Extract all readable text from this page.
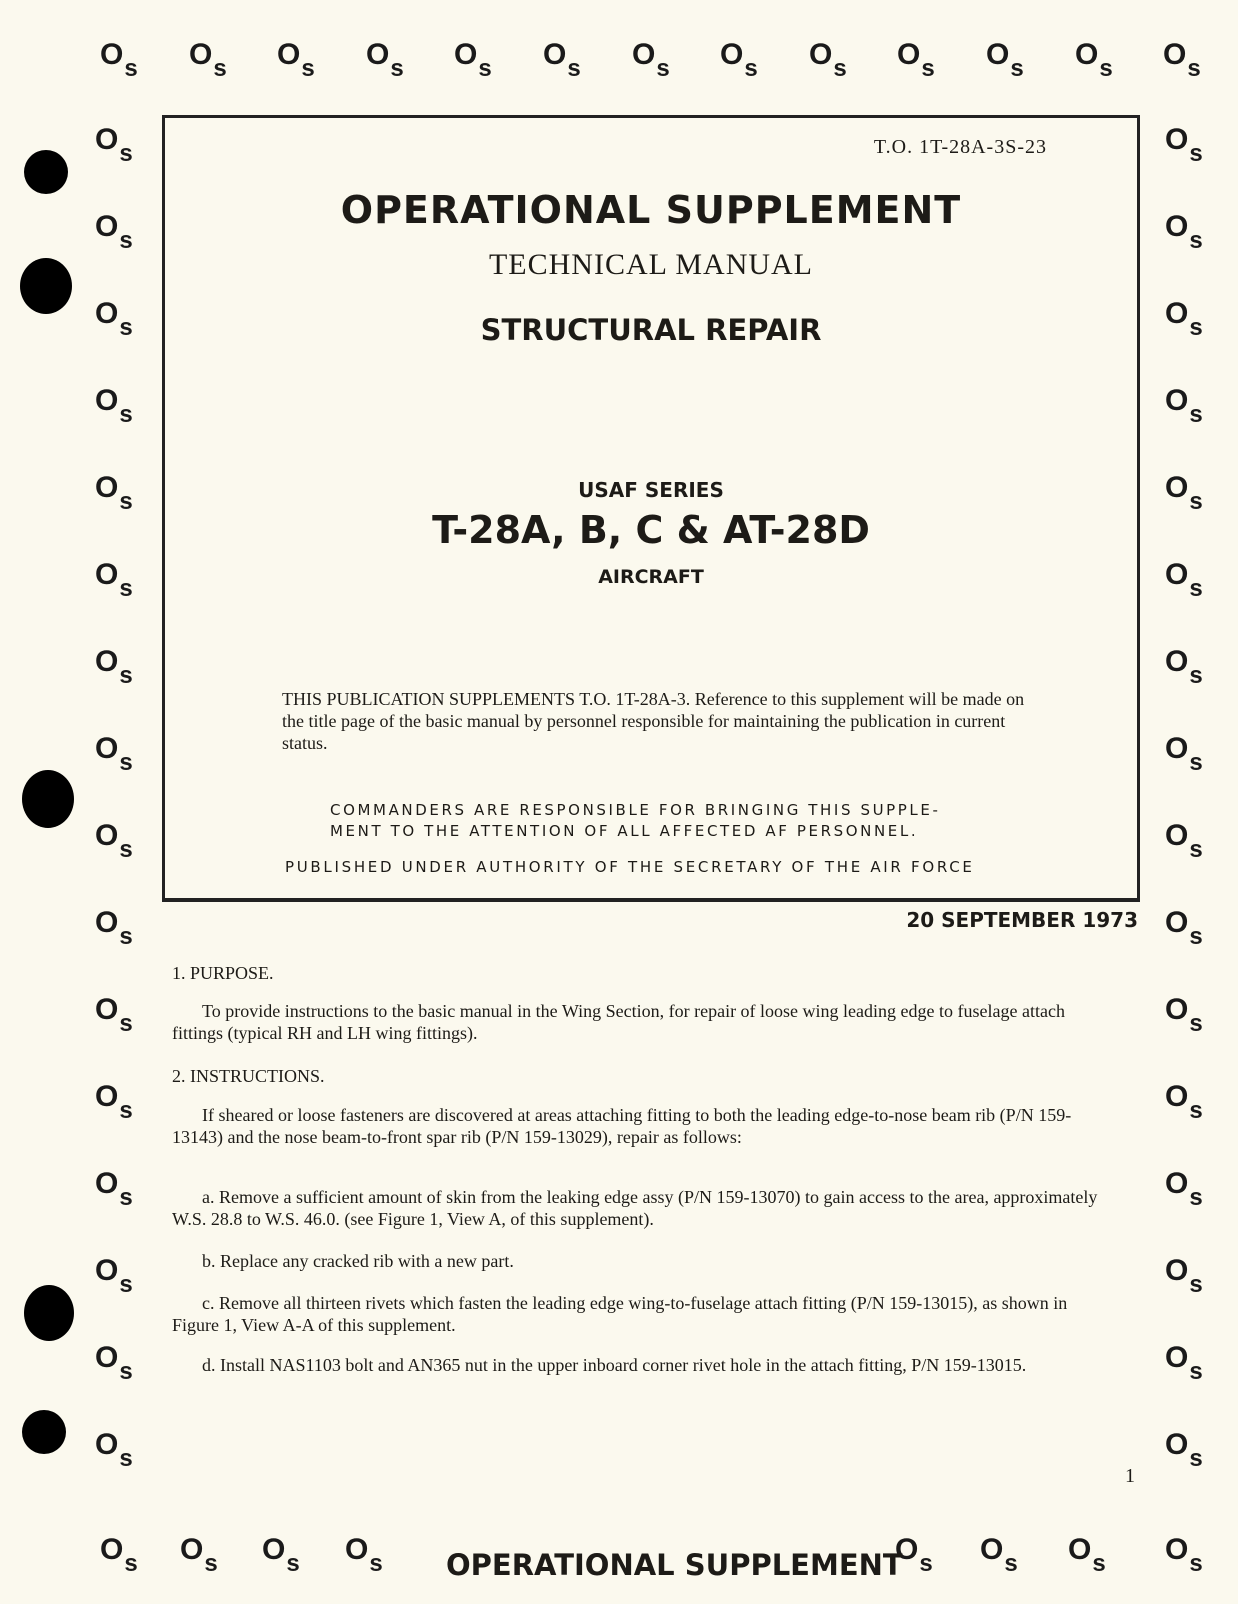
$O_s$ $O_s$ $O_s$ $O_s$ $O_s$ $O_s$ $O_s$ $O_s$ $O_s$ $O_s$ $O_s$ $O_s$ $O_s$
$O_s$	$O_s$
$O_s$	$O_s$
$O_s$	$O_s$
$O_s$	$O_s$
$O_s$	$O_s$
$O_s$	$O_s$
$O_s$	$O_s$
$O_s$	$O_s$
$O_s$	$O_s$
$O_s$	$O_s$
$O_s$	$O_s$
$O_s$	$O_s$
$O_s$	$O_s$
$O_s$	$O_s$
$O_s$	$O_s$
$O_s$	$O_s$
$O_s$ $O_s$ $O_s$ $O_s$	$O_s$ $O_s$ $O_s$ $O_s$
T.O. 1T-28A-3S-23
OPERATIONAL SUPPLEMENT
TECHNICAL MANUAL
STRUCTURAL REPAIR
USAF SERIES
T-28A, B, C & AT-28D
AIRCRAFT

THIS PUBLICATION SUPPLEMENTS T.O. 1T-28A-3. Reference to this supplement will be made on the title page of the basic manual by personnel responsible for maintaining the publication in current status.

COMMANDERS ARE RESPONSIBLE FOR BRINGING THIS SUPPLE-
MENT TO THE ATTENTION OF ALL AFFECTED AF PERSONNEL.
PUBLISHED UNDER AUTHORITY OF THE SECRETARY OF THE AIR FORCE
20 SEPTEMBER 1973
1. PURPOSE.

To provide instructions to the basic manual in the Wing Section, for repair of loose wing leading edge to fuselage attach fittings (typical RH and LH wing fittings).

2. INSTRUCTIONS.

If sheared or loose fasteners are discovered at areas attaching fitting to both the leading edge-to-nose beam rib (P/N 159-13143) and the nose beam-to-front spar rib (P/N 159-13029), repair as follows:

a. Remove a sufficient amount of skin from the leaking edge assy (P/N 159-13070) to gain access to the area, approximately W.S. 28.8 to W.S. 46.0. (see Figure 1, View A, of this supplement).

b. Replace any cracked rib with a new part.

c. Remove all thirteen rivets which fasten the leading edge wing-to-fuselage attach fitting (P/N 159-13015), as shown in Figure 1, View A-A of this supplement.

d. Install NAS1103 bolt and AN365 nut in the upper inboard corner rivet hole in the attach fitting, P/N 159-13015.

1
OPERATIONAL SUPPLEMENT
